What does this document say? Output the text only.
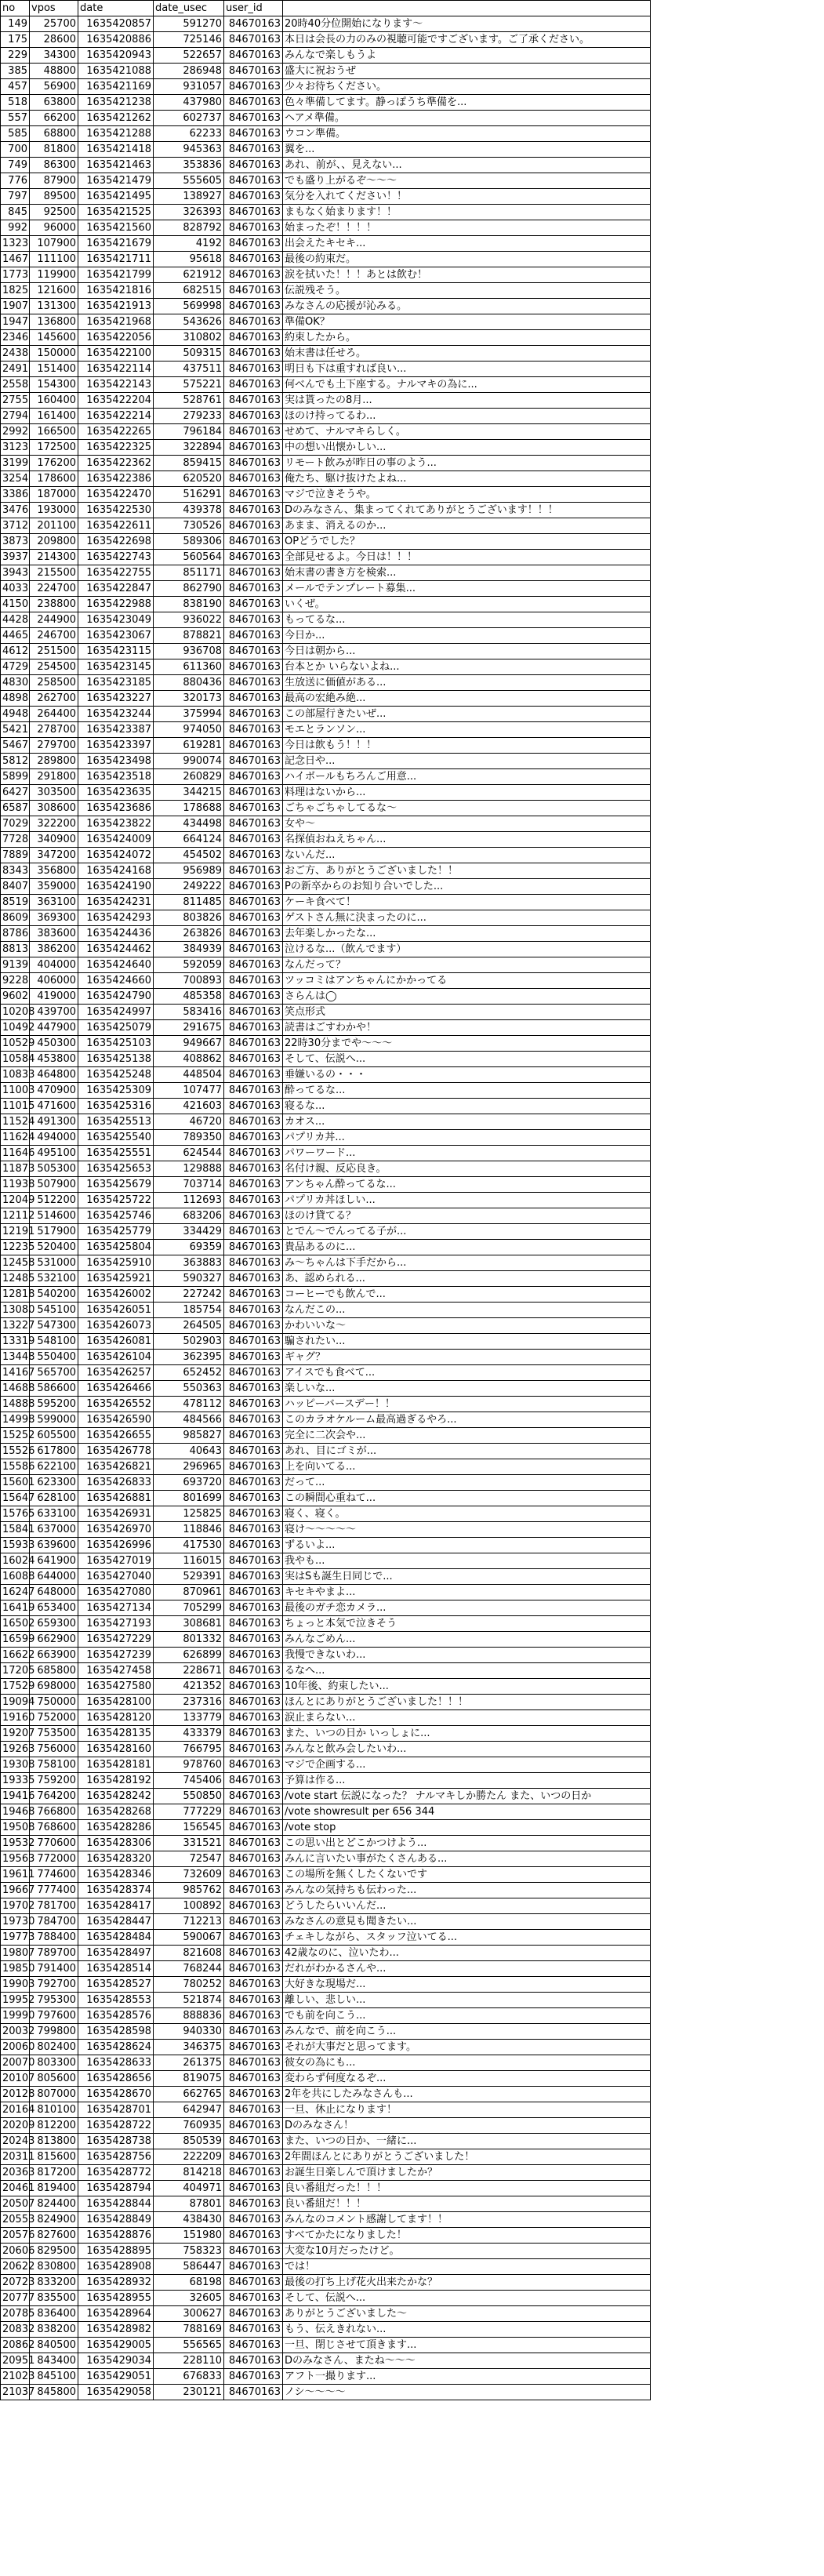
no	vpos	date	date_usec	user_id	
149	25700	1635420857	591270	84670163	20時40分位開始になります〜
175	28600	1635420886	725146	84670163	本日は会長の力のみの視聴可能ですございます。ご了承ください。
229	34300	1635420943	522657	84670163	みんなで楽しもうよ
385	48800	1635421088	286948	84670163	盛大に祝おうぜ
457	56900	1635421169	931057	84670163	少々お待ちください。
518	63800	1635421238	437980	84670163	色々準備してます。静っぽうち準備を...
557	66200	1635421262	602737	84670163	ヘアメ準備。
585	68800	1635421288	62233	84670163	ウコン準備。
700	81800	1635421418	945363	84670163	翼を...
749	86300	1635421463	353836	84670163	あれ、前が、、見えない...
776	87900	1635421479	555605	84670163	でも盛り上がるぞ〜〜〜
797	89500	1635421495	138927	84670163	気分を入れてください！！
845	92500	1635421525	326393	84670163	まもなく始まります！！
992	96000	1635421560	828792	84670163	始まったぞ！！！！
1323	107900	1635421679	4192	84670163	出会えたキセキ...
1467	111100	1635421711	95618	84670163	最後の約束だ。
1773	119900	1635421799	621912	84670163	涙を拭いた！！！あとは飲む！
1825	121600	1635421816	682515	84670163	伝説残そう。
1907	131300	1635421913	569998	84670163	みなさんの応援が沁みる。
1947	136800	1635421968	543626	84670163	準備OK？
2346	145600	1635422056	310802	84670163	約束したから。
2438	150000	1635422100	509315	84670163	始末書は任せろ。
2491	151400	1635422114	437511	84670163	明日も下は重すれば良い...
2558	154300	1635422143	575221	84670163	何べんでも土下座する。ナルマキの為に...
2755	160400	1635422204	528761	84670163	実は貰ったの8月...
2794	161400	1635422214	279233	84670163	ほのけ持ってるわ...
2992	166500	1635422265	796184	84670163	せめて、ナルマキらしく。
3123	172500	1635422325	322894	84670163	中の想い出懐かしい...
3199	176200	1635422362	859415	84670163	リモート飲みが昨日の事のよう...
3254	178600	1635422386	620520	84670163	俺たち、駆け抜けたよね...
3386	187000	1635422470	516291	84670163	マジで泣きそうや。
3476	193000	1635422530	439378	84670163	Dのみなさん、集まってくれてありがとうございます！！！
3712	201100	1635422611	730526	84670163	あまま、消えるのか...
3873	209800	1635422698	589306	84670163	OPどうでした？
3937	214300	1635422743	560564	84670163	全部見せるよ。今日は！！！
3943	215500	1635422755	851171	84670163	始末書の書き方を検索...
4033	224700	1635422847	862790	84670163	メールでテンプレート募集...
4150	238800	1635422988	838190	84670163	いくぜ。
4428	244900	1635423049	936022	84670163	もってるな...
4465	246700	1635423067	878821	84670163	今日か...
4612	251500	1635423115	936708	84670163	今日は朝から...
4729	254500	1635423145	611360	84670163	台本とか いらないよね...
4830	258500	1635423185	880436	84670163	生放送に価値がある...
4898	262700	1635423227	320173	84670163	最高の宏絶み絶...
4948	264400	1635423244	375994	84670163	この部屋行きたいぜ...
5421	278700	1635423387	974050	84670163	モエとランソン...
5467	279700	1635423397	619281	84670163	今日は飲もう！！！
5812	289800	1635423498	990074	84670163	記念日や...
5899	291800	1635423518	260829	84670163	ハイボールもちろんご用意...
6427	303500	1635423635	344215	84670163	料理はないから...
6587	308600	1635423686	178688	84670163	ごちゃごちゃしてるな〜
7029	322200	1635423822	434498	84670163	女や〜
7728	340900	1635424009	664124	84670163	名探偵おねえちゃん...
7889	347200	1635424072	454502	84670163	ないんだ...
8343	356800	1635424168	956989	84670163	おご方、ありがとうございました！！
8407	359000	1635424190	249222	84670163	Pの新卒からのお知り合いでした...
8519	363100	1635424231	811485	84670163	ケーキ食べて！
8609	369300	1635424293	803826	84670163	ゲストさん無に決まったのに...
8786	383600	1635424436	263826	84670163	去年楽しかったな...
8813	386200	1635424462	384939	84670163	泣けるな...（飲んでます）
9139	404000	1635424640	592059	84670163	なんだって？
9228	406000	1635424660	700893	84670163	ツッコミはアンちゃんにかかってる
9602	419000	1635424790	485358	84670163	さらんは◯
10208	439700	1635424997	583416	84670163	笑点形式
10492	447900	1635425079	291675	84670163	読書はごすわかや！
10529	450300	1635425103	949667	84670163	22時30分までや〜〜〜
10584	453800	1635425138	408862	84670163	そして、伝説へ...
10833	464800	1635425248	448504	84670163	垂嫌いるの・・・
11003	470900	1635425309	107477	84670163	酔ってるな...
11015	471600	1635425316	421603	84670163	寝るな...
11524	491300	1635425513	46720	84670163	カオス...
11624	494000	1635425540	789350	84670163	パプリカ丼...
11646	495100	1635425551	624544	84670163	パワーワード...
11873	505300	1635425653	129888	84670163	名付け親、反応良き。
11938	507900	1635425679	703714	84670163	アンちゃん酔ってるな...
12049	512200	1635425722	112693	84670163	パプリカ丼ほしい...
12112	514600	1635425746	683206	84670163	ほのけ貸てる？
12191	517900	1635425779	334429	84670163	とでん〜でんってる子が...
12235	520400	1635425804	69359	84670163	貴品あるのに...
12458	531000	1635425910	363883	84670163	み〜ちゃんは下手だから...
12485	532100	1635425921	590327	84670163	あ、認められる...
12818	540200	1635426002	227242	84670163	コーヒーでも飲んで...
13080	545100	1635426051	185754	84670163	なんだこの...
13227	547300	1635426073	264505	84670163	かわいいな〜
13319	548100	1635426081	502903	84670163	騙されたい...
13448	550400	1635426104	362395	84670163	ギャグ？
14167	565700	1635426257	652452	84670163	アイスでも食べて...
14688	586600	1635426466	550363	84670163	楽しいな...
14888	595200	1635426552	478112	84670163	ハッピーバースデー！！
14998	599000	1635426590	484566	84670163	このカラオケルーム最高過ぎるやろ...
15252	605500	1635426655	985827	84670163	完全に二次会や...
15526	617800	1635426778	40643	84670163	あれ、目にゴミが...
15586	622100	1635426821	296965	84670163	上を向いてる...
15601	623300	1635426833	693720	84670163	だって...
15647	628100	1635426881	801699	84670163	この瞬間心重ねて...
15765	633100	1635426931	125825	84670163	寝く、寝く。
15841	637000	1635426970	118846	84670163	寝け〜〜〜〜〜
15933	639600	1635426996	417530	84670163	ずるいよ...
16024	641900	1635427019	116015	84670163	我やも...
16088	644000	1635427040	529391	84670163	実はSも誕生日同じで...
16247	648000	1635427080	870961	84670163	キセキやまよ...
16419	653400	1635427134	705299	84670163	最後のガチ恋カメラ...
16502	659300	1635427193	308681	84670163	ちょっと本気で泣きそう
16599	662900	1635427229	801332	84670163	みんなごめん...
16622	663900	1635427239	626899	84670163	我慢できないわ...
17205	685800	1635427458	228671	84670163	るなへ...
17529	698000	1635427580	421352	84670163	10年後、約束したい...
19094	750000	1635428100	237316	84670163	ほんとにありがとうございました！！！
19160	752000	1635428120	133779	84670163	涙止まらない...
19207	753500	1635428135	433379	84670163	また、いつの日か いっしょに...
19263	756000	1635428160	766795	84670163	みんなと飲み会したいわ...
19308	758100	1635428181	978760	84670163	マジで企画する...
19335	759200	1635428192	745406	84670163	予算は作る...
19416	764200	1635428242	550850	84670163	/vote start 伝説になった？ ナルマキしか勝たん また、いつの日か
19468	766800	1635428268	777229	84670163	/vote showresult per 656 344
19508	768600	1635428286	156545	84670163	/vote stop
19532	770600	1635428306	331521	84670163	この思い出とどこかつけよう...
19563	772000	1635428320	72547	84670163	みんに言いたい事がたくさんある...
19611	774600	1635428346	732609	84670163	この場所を無くしたくないです
19667	777400	1635428374	985762	84670163	みんなの気持ちも伝わった...
19702	781700	1635428417	100892	84670163	どうしたらいいんだ...
19730	784700	1635428447	712213	84670163	みなさんの意見も聞きたい...
19773	788400	1635428484	590067	84670163	チェキしながら、スタッフ泣いてる...
19807	789700	1635428497	821608	84670163	42歳なのに、泣いたわ...
19850	791400	1635428514	768244	84670163	だれがわかるさんや...
19903	792700	1635428527	780252	84670163	大好きな現場だ...
19952	795300	1635428553	521874	84670163	離しい、悲しい...
19990	797600	1635428576	888836	84670163	でも前を向こう...
20032	799800	1635428598	940330	84670163	みんなで、前を向こう...
20060	802400	1635428624	346375	84670163	それが大事だと思ってます。
20070	803300	1635428633	261375	84670163	彼女の為にも...
20107	805600	1635428656	819075	84670163	変わらず何度なるぞ...
20128	807000	1635428670	662765	84670163	2年を共にしたみなさんも...
20164	810100	1635428701	642947	84670163	一旦、休止になります！
20209	812200	1635428722	760935	84670163	Dのみなさん！
20243	813800	1635428738	850539	84670163	また、いつの日か、一緒に...
20311	815600	1635428756	222209	84670163	2年間ほんとにありがとうございました！
20363	817200	1635428772	814218	84670163	お誕生日楽しんで頂けましたか？
20461	819400	1635428794	404971	84670163	良い番組だった！！！
20507	824400	1635428844	87801	84670163	良い番組だ！！！
20553	824900	1635428849	438430	84670163	みんなのコメント感謝してます！！
20576	827600	1635428876	151980	84670163	すべてかたになりました！
20606	829500	1635428895	758323	84670163	大変な10月だったけど。
20622	830800	1635428908	586447	84670163	では！
20723	833200	1635428932	68198	84670163	最後の打ち上げ花火出来たかな？
20777	835500	1635428955	32605	84670163	そして、伝説へ...
20785	836400	1635428964	300627	84670163	ありがとうございました〜
20832	838200	1635428982	788169	84670163	もう、伝えきれない...
20862	840500	1635429005	556565	84670163	一旦、閉じさせて頂きます...
20951	843400	1635429034	228110	84670163	Dのみなさん、またね〜〜〜
21023	845100	1635429051	676833	84670163	アフト一撮ります...
21037	845800	1635429058	230121	84670163	ノシ〜〜〜〜
